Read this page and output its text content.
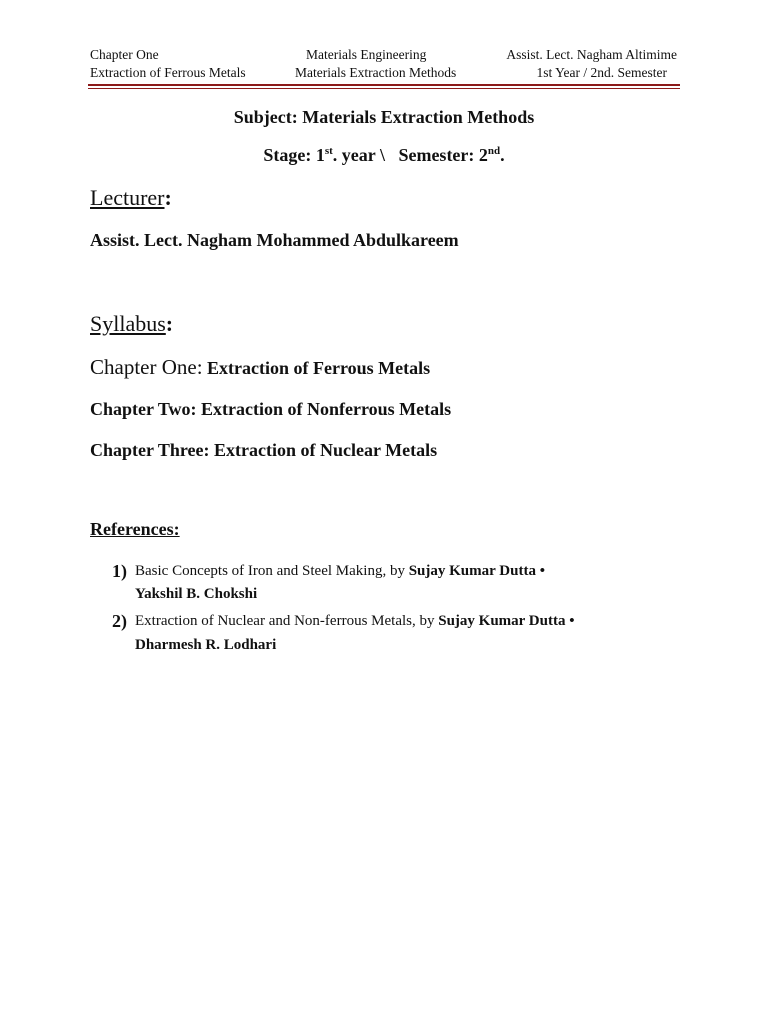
Chapter One
Extraction of Ferrous Metals
Materials Engineering
Materials Extraction Methods
Assist. Lect. Nagham Altimime
1st Year / 2nd. Semester
Subject: Materials Extraction Methods
Stage: 1st. year \   Semester: 2nd.
Lecturer:
Assist. Lect. Nagham Mohammed Abdulkareem
Syllabus:
Chapter One: Extraction of Ferrous Metals
Chapter Two: Extraction of Nonferrous Metals
Chapter Three: Extraction of Nuclear Metals
References:
1) Basic Concepts of Iron and Steel Making, by Sujay Kumar Dutta •
Yakshil B. Chokshi
2) Extraction of Nuclear and Non-ferrous Metals, by Sujay Kumar Dutta •
Dharmesh R. Lodhari
